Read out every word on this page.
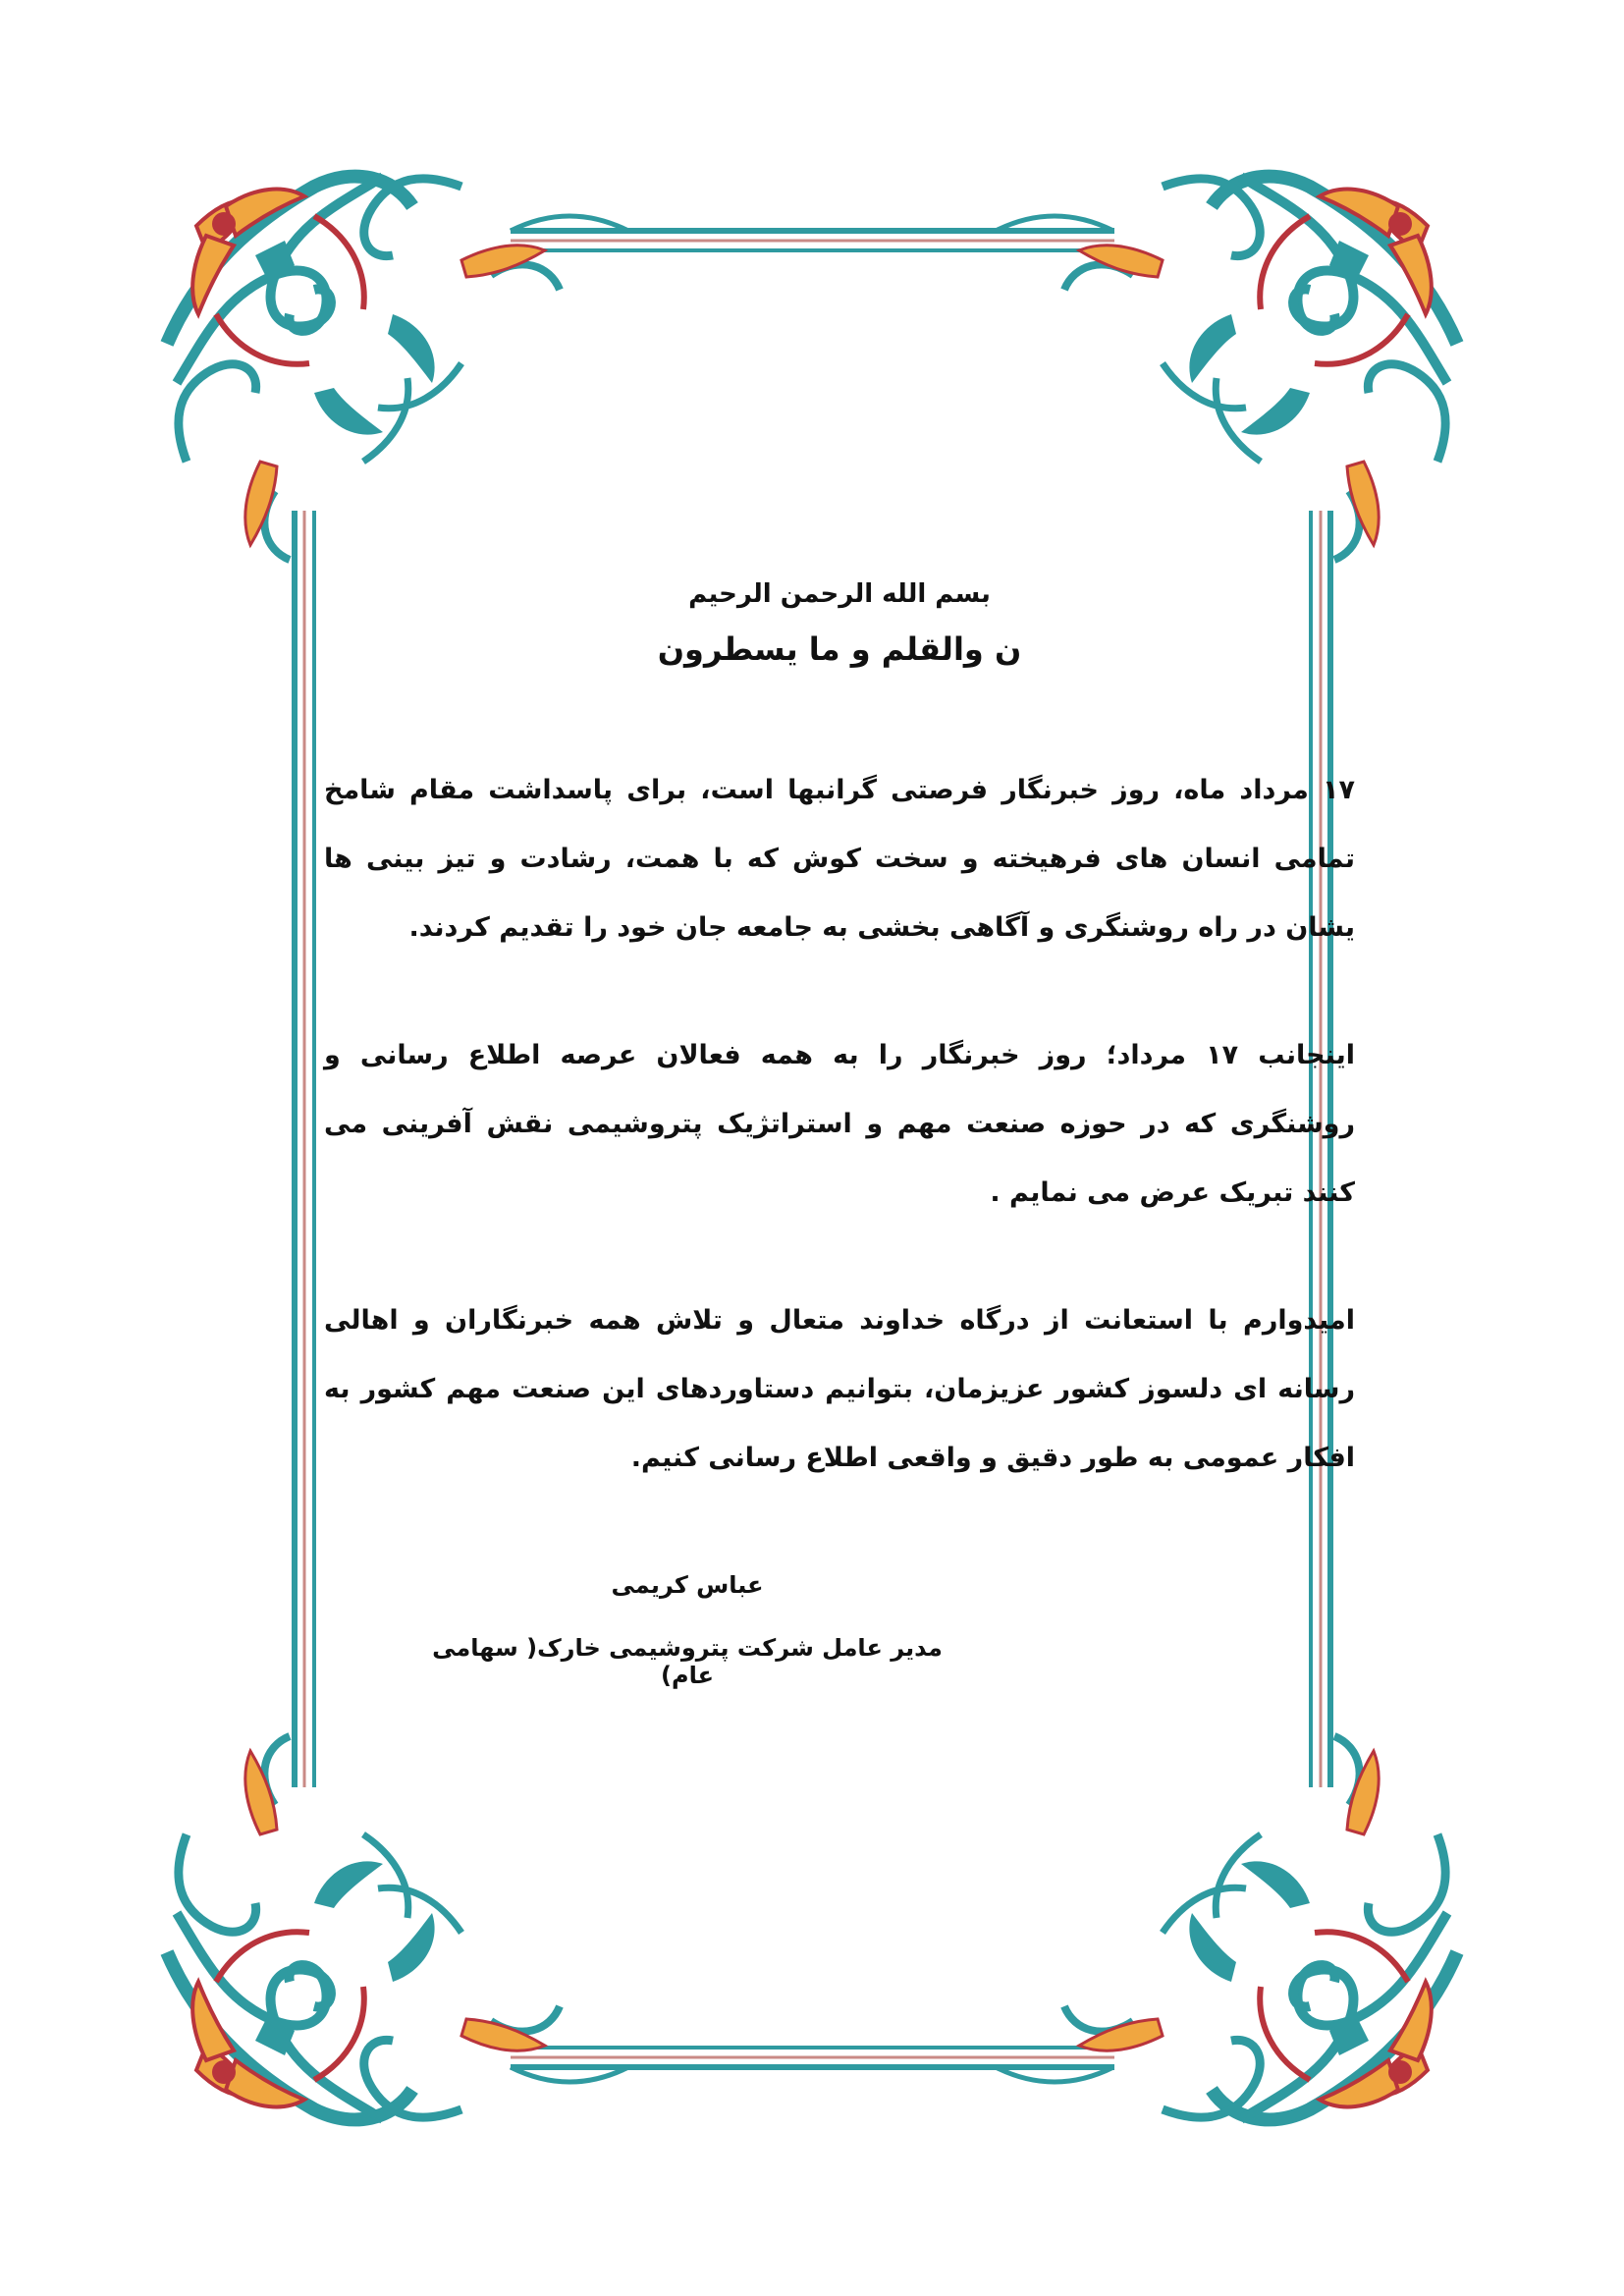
بسم الله الرحمن الرحیم
ن والقلم و ما یسطرون

۱۷ مرداد ماه، روز خبرنگار فرصتی گرانبها است، برای پاسداشت مقام شامخ تمامی انسان های فرهیخته و سخت کوش که با همت، رشادت و تیز بینی ها یشان در راه روشنگری و آگاهی بخشی به جامعه جان خود را تقدیم کردند.

اینجانب ۱۷ مرداد؛ روز خبرنگار را به همه فعالان عرصه اطلاع رسانی و روشنگری که در حوزه صنعت مهم و استراتژیک پتروشیمی نقش آفرینی می کنند تبریک عرض می نمایم .

امیدوارم با استعانت از درگاه خداوند متعال و تلاش همه خبرنگاران و اهالی رسانه ای دلسوز کشور عزیزمان، بتوانیم دستاوردهای این صنعت مهم کشور به افکار عمومی به طور دقیق و واقعی اطلاع رسانی کنیم.

عباس کریمی
مدیر عامل شرکت پتروشیمی خارک( سهامی عام)
